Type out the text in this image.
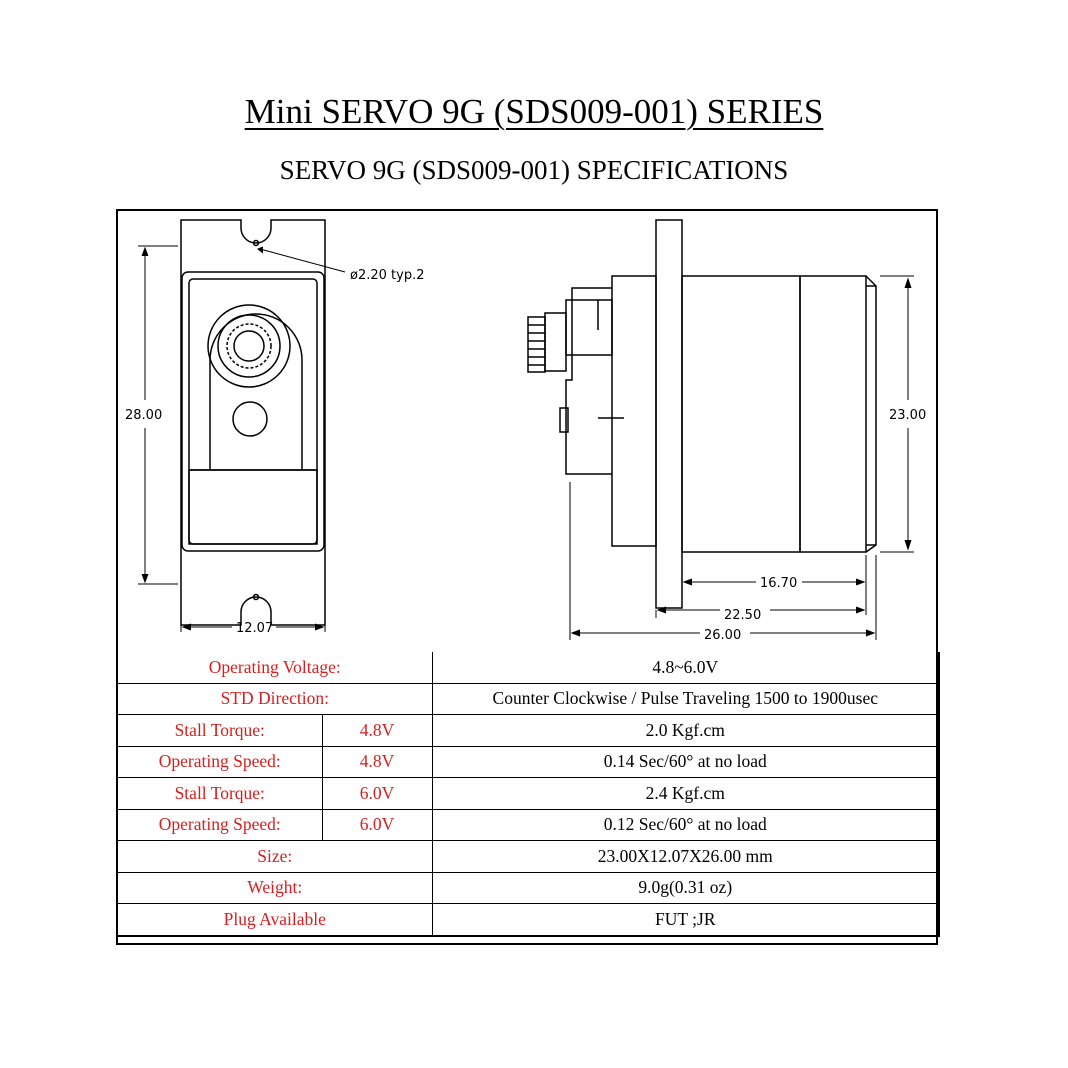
Mini SERVO 9G (SDS009-001) SERIES
SERVO 9G (SDS009-001) SPECIFICATIONS
ø2.20 typ.2
28.00
12.07
23.00
16.70
22.50
26.00
Operating Voltage:		4.8~6.0V
STD Direction:		Counter Clockwise / Pulse Traveling 1500 to 1900usec
Stall Torque:	4.8V	2.0 Kgf.cm
Operating Speed:	4.8V	0.14 Sec/60° at no load
Stall Torque:	6.0V	2.4 Kgf.cm
Operating Speed:	6.0V	0.12 Sec/60° at no load
Size:		23.00X12.07X26.00 mm
Weight:		9.0g(0.31 oz)
Plug Available		FUT ;JR
